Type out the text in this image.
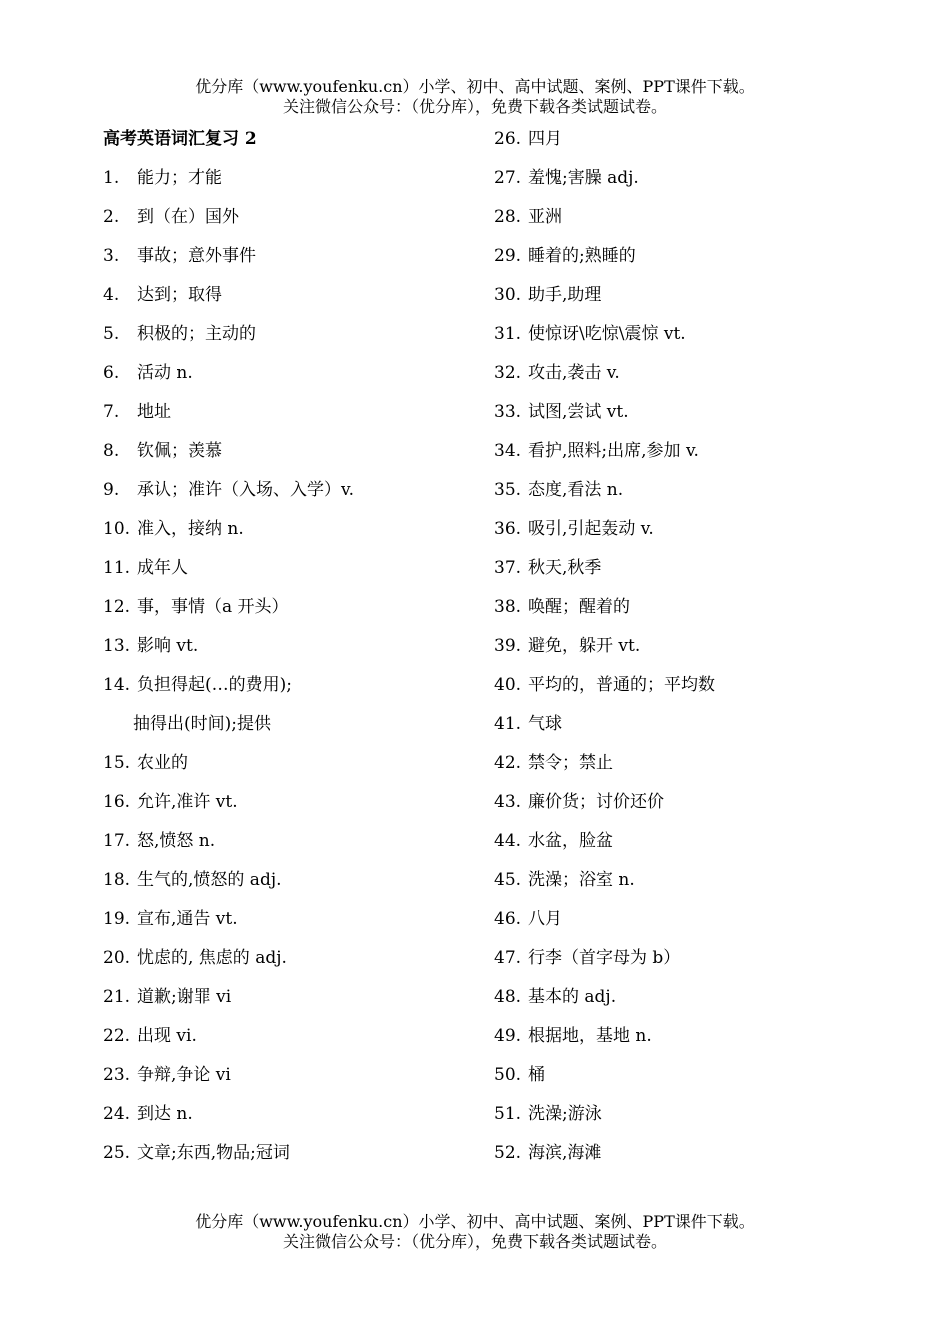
优分库（www.youfenku.cn）小学、初中、高中试题、案例、PPT课件下载。
关注微信公众号：（优分库），免费下载各类试题试卷。
高考英语词汇复习 2
1. 能力；才能
2. 到（在）国外
3. 事故；意外事件
4. 达到；取得
5. 积极的；主动的
6. 活动 n.
7. 地址
8. 钦佩；羡慕
9. 承认；准许（入场、入学）v.
10. 准入，接纳 n.
11. 成年人
12. 事，事情（a 开头）
13. 影响 vt.
14. 负担得起(…的费用);
抽得出(时间);提供
15. 农业的
16. 允许,准许 vt.
17. 怒,愤怒 n.
18. 生气的,愤怒的 adj.
19. 宣布,通告 vt.
20. 忧虑的, 焦虑的 adj.
21. 道歉;谢罪 vi
22. 出现 vi.
23. 争辩,争论 vi
24. 到达 n.
25. 文章;东西,物品;冠词
26. 四月
27. 羞愧;害臊 adj.
28. 亚洲
29. 睡着的;熟睡的
30. 助手,助理
31. 使惊讶\吃惊\震惊 vt.
32. 攻击,袭击 v.
33. 试图,尝试 vt.
34. 看护,照料;出席,参加 v.
35. 态度,看法 n.
36. 吸引,引起轰动 v.
37. 秋天,秋季
38. 唤醒；醒着的
39. 避免，躲开 vt.
40. 平均的，普通的；平均数
41. 气球
42. 禁令；禁止
43. 廉价货；讨价还价
44. 水盆，脸盆
45. 洗澡；浴室 n.
46. 八月
47. 行李（首字母为 b）
48. 基本的 adj.
49. 根据地，基地 n.
50. 桶
51. 洗澡;游泳
52. 海滨,海滩
优分库（www.youfenku.cn）小学、初中、高中试题、案例、PPT课件下载。
关注微信公众号：（优分库），免费下载各类试题试卷。
